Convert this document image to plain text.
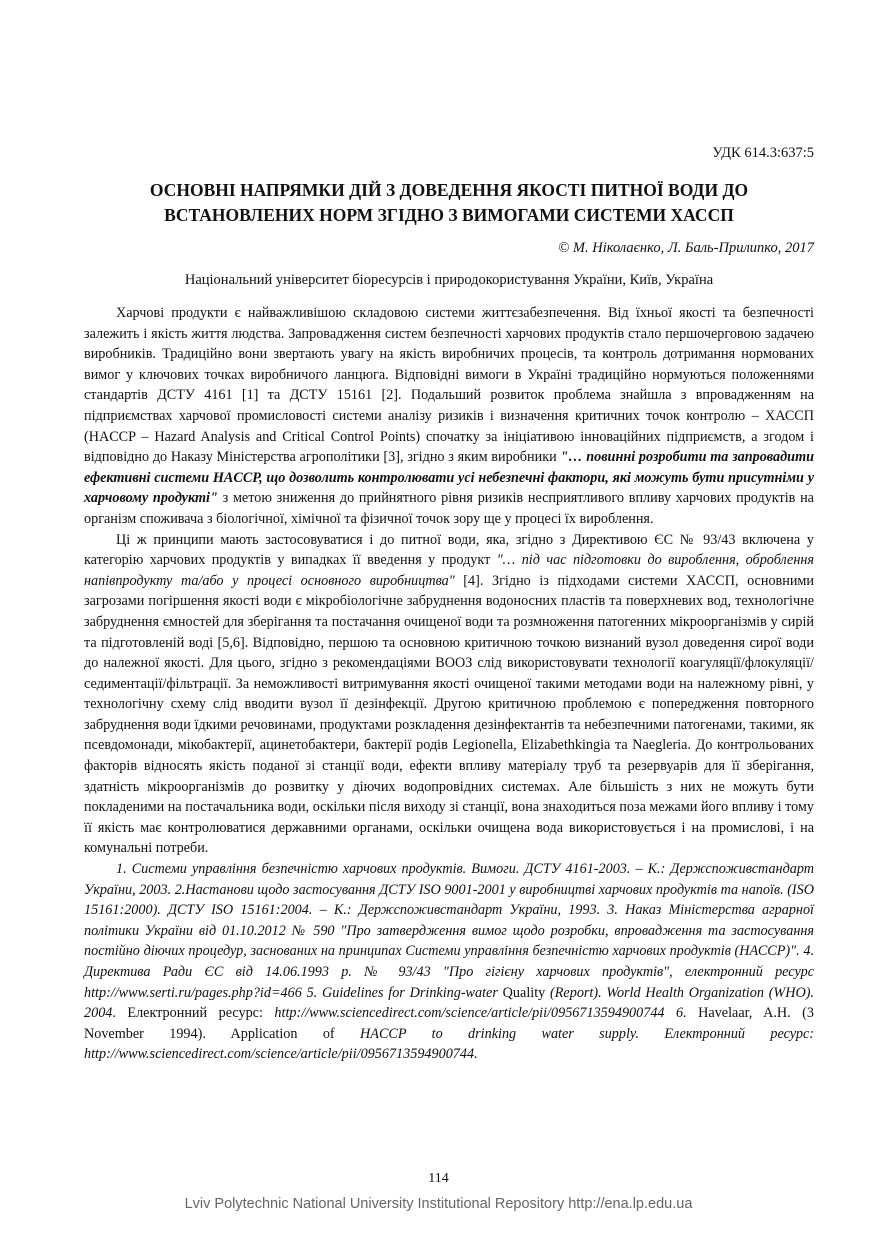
УДК 614.3:637:5
ОСНОВНІ НАПРЯМКИ ДІЙ З ДОВЕДЕННЯ ЯКОСТІ ПИТНОЇ ВОДИ ДО
ВСТАНОВЛЕНИХ НОРМ ЗГІДНО З ВИМОГАМИ СИСТЕМИ ХАССП
© М. Ніколаєнко, Л. Баль-Прилипко, 2017
Національний університет біоресурсів і природокористування України, Київ, Україна

Харчові продукти є найважливішою складовою системи життєзабезпечення. Від їхньої якості та безпечності залежить і якість життя людства. Запровадження систем безпечності харчових продуктів стало першочерговою задачею виробників. Традиційно вони звертають увагу на якість виробничих процесів, та контроль дотримання нормованих вимог у ключових точках виробничого ланцюга. Відповідні вимоги в Україні традиційно нормуються положеннями стандартів ДСТУ 4161 [1] та ДСТУ 15161 [2]. Подальший розвиток проблема знайшла з впровадженням на підприємствах харчової промисловості системи аналізу ризиків і визначення критичних точок контролю – ХАССП (HACCP – Hazard Analysis and Critical Control Points) спочатку за ініціативою інноваційних підприємств, а згодом і відповідно до Наказу Міністерства агрополітики [3], згідно з яким виробники "… повинні розробити та запровадити ефективні системи HACCP, що дозволить контролювати усі небезпечні фактори, які можуть бути присутніми у харчовому продукті" з метою зниження до прийнятного рівня ризиків несприятливого впливу харчових продуктів на організм споживача з біологічної, хімічної та фізичної точок зору ще у процесі їх вироблення.

Ці ж принципи мають застосовуватися і до питної води, яка, згідно з Директивою ЄС № 93/43 включена у категорію харчових продуктів у випадках її введення у продукт "… під час підготовки до вироблення, оброблення напівпродукту та/або у процесі основного виробництва" [4]. Згідно із підходами системи ХАССП, основними загрозами погіршення якості води є мікробіологічне забруднення водоносних пластів та поверхневих вод, технологічне забруднення ємностей для зберігання та постачання очищеної води та розмноження патогенних мікроорганізмів у сирій та підготовленій воді [5,6]. Відповідно, першою та основною критичною точкою визнаний вузол доведення сирої води до належної якості. Для цього, згідно з рекомендаціями ВООЗ слід використовувати технології коагуляції/флокуляції/седиментації/фільтрації. За неможливості витримування якості очищеної такими методами води на належному рівні, у технологічну схему слід вводити вузол її дезінфекції. Другою критичною проблемою є попередження повторного забруднення води їдкими речовинами, продуктами розкладення дезінфектантів та небезпечними патогенами, такими, як псевдомонади, мікобактерії, ацинетобактери, бактерії родів Legionella, Elizabethkingia та Naegleria. До контрольованих факторів відносять якість поданої зі станції води, ефекти впливу матеріалу труб та резервуарів для її зберігання, здатність мікроорганізмів до розвитку у діючих водопровідних системах. Але більшість з них не можуть бути покладеними на постачальника води, оскільки після виходу зі станції, вона знаходиться поза межами його впливу і тому її якість має контролюватися державними органами, оскільки очищена вода використовується і на промислові, і на комунальні потреби.

1. Системи управління безпечністю харчових продуктів. Вимоги. ДСТУ 4161-2003. – К.: Держспоживстандарт України, 2003. 2.Настанови щодо застосування ДСТУ ISO 9001-2001 у виробництві харчових продуктів та напоїв. (ISO 15161:2000). ДСТУ ISO 15161:2004. – К.: Держспоживстандарт України, 1993. 3. Наказ Міністерства аграрної політики України від 01.10.2012 № 590 "Про затвердження вимог щодо розробки, впровадження та застосування постійно діючих процедур, заснованих на принципах Системи управління безпечністю харчових продуктів (НАССР)". 4. Директива Ради ЄС від 14.06.1993 р. № 93/43 "Про гігієну харчових продуктів", електронний ресурс http://www.serti.ru/pages.php?id=466 5. Guidelines for Drinking-water Quality (Report). World Health Organization (WHO). 2004. Електронний ресурс: http://www.sciencedirect.com/science/article/pii/0956713594900744 6. Havelaar, A.H. (3 November 1994). Application of HACCP to drinking water supply. Електронний ресурс: http://www.sciencedirect.com/science/article/pii/0956713594900744.

114
Lviv Polytechnic National University Institutional Repository http://ena.lp.edu.ua
